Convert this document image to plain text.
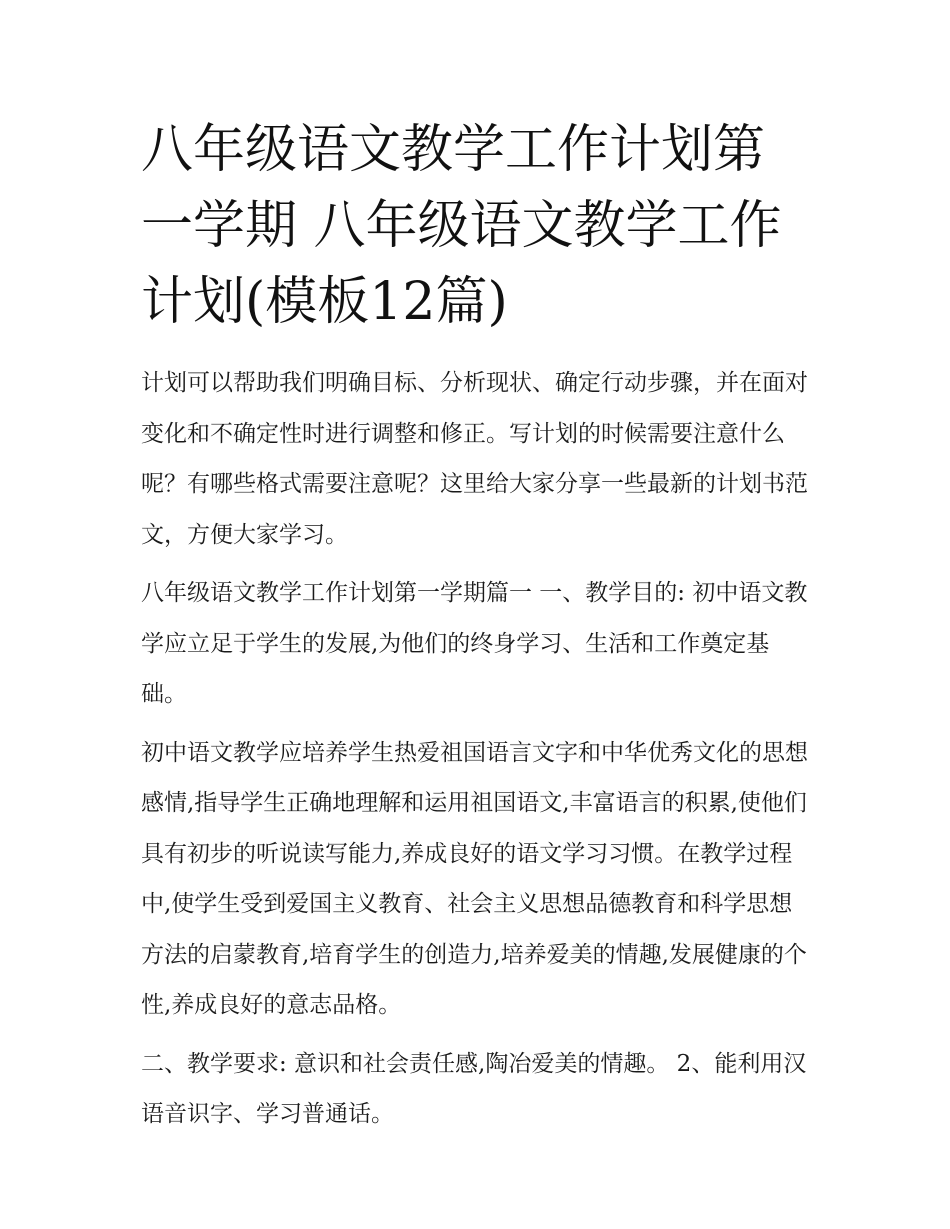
八年级语文教学工作计划第一学期 八年级语文教学工作计划(模板12篇)

计划可以帮助我们明确目标、分析现状、确定行动步骤，并在面对变化和不确定性时进行调整和修正。写计划的时候需要注意什么呢？有哪些格式需要注意呢？这里给大家分享一些最新的计划书范文，方便大家学习。

八年级语文教学工作计划第一学期篇一 一、教学目的: 初中语文教学应立足于学生的发展,为他们的终身学习、生活和工作奠定基础。

初中语文教学应培养学生热爱祖国语言文字和中华优秀文化的思想感情,指导学生正确地理解和运用祖国语文,丰富语言的积累,使他们具有初步的听说读写能力,养成良好的语文学习习惯。在教学过程中,使学生受到爱国主义教育、社会主义思想品德教育和科学思想方法的启蒙教育,培育学生的创造力,培养爱美的情趣,发展健康的个性,养成良好的意志品格。

二、教学要求: 意识和社会责任感,陶冶爱美的情趣。 2、能利用汉语音识字、学习普通话。
